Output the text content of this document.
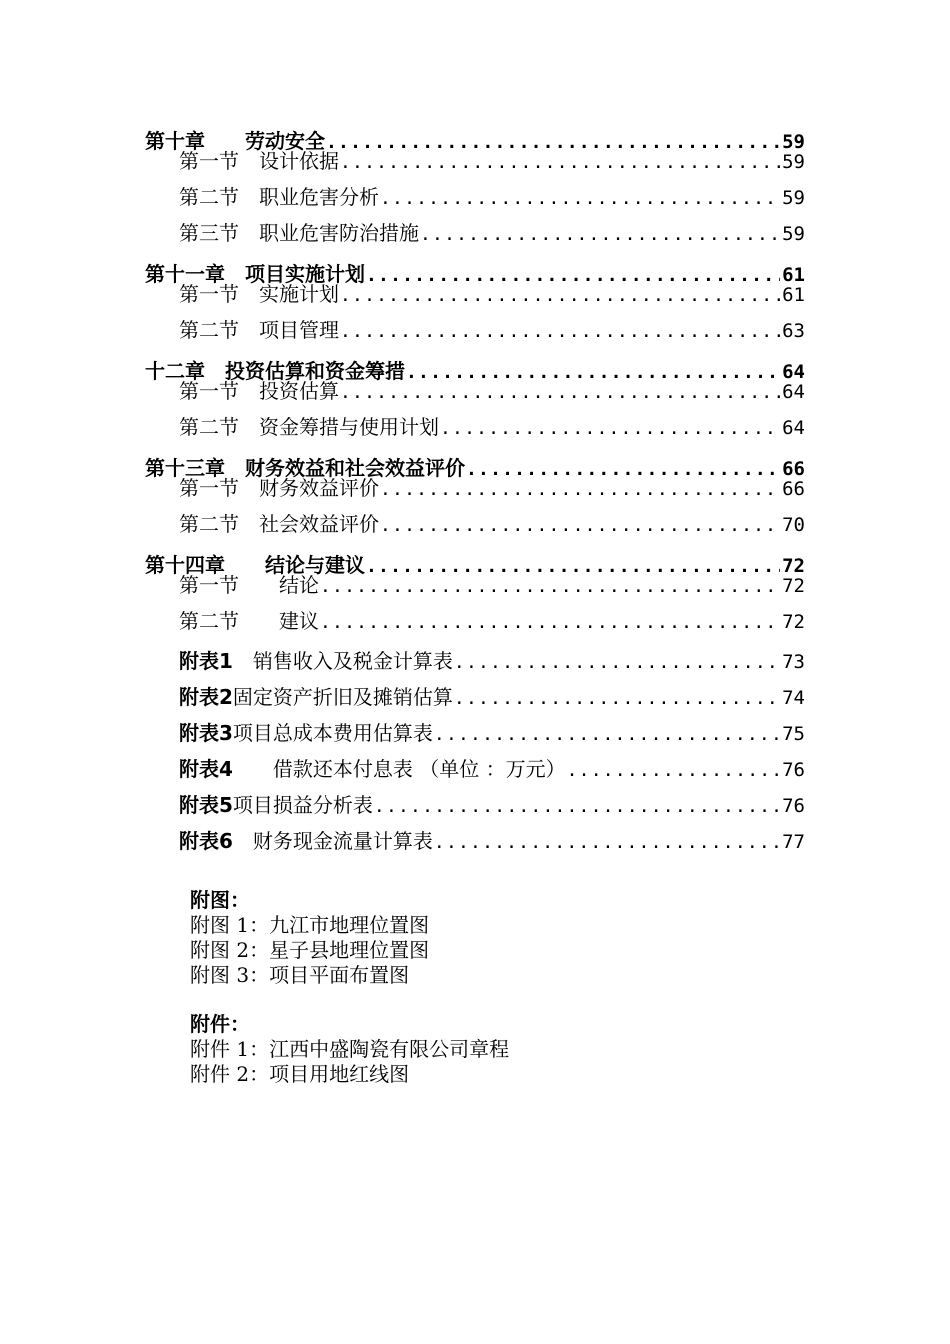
第十章　　 劳动安全 .....	59
第一节　 设计依据 .....	59
第二节　 职业危害分析 .....	59
第三节　 职业危害防治措施 .....	59
第十一章　 项目实施计划 .....	61
第一节　 实施计划 .....	61
第二节　 项目管理 .....	63
十二章　 投资估算和资金筹措 .....	64
第一节　 投资估算 .....	64
第二节　 资金筹措与使用计划 .....	64
第十三章　 财务效益和社会效益评价 .....	66
第一节　 财务效益评价 .....	66
第二节　 社会效益评价 .....	70
第十四章　　 结论与建议 .....	72
第一节　　 结论 .....	72
第二节　　 建议 .....	72
附表1　 销售收入及税金计算表 .....	73
附表2固定资产折旧及摊销估算 .....	74
附表3项目总成本费用估算表 .....	75
附表4　　 借款还本付息表 （单位 ：万元） .....	76
附表5项目损益分析表 .....	76
附表6　 财务现金流量计算表 .....	77
附图：
附图 1：九江市地理位置图
附图 2：星子县地理位置图
附图 3：项目平面布置图
附件：
附件 1：江西中盛陶瓷有限公司章程
附件 2：项目用地红线图
